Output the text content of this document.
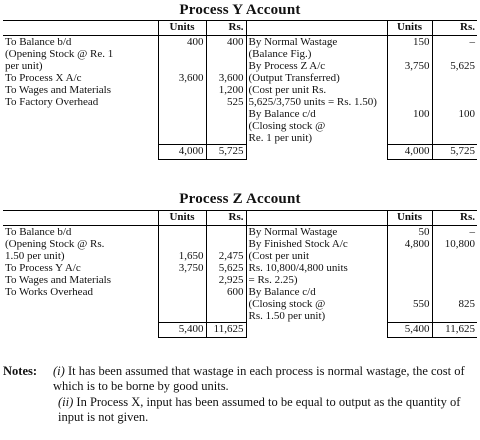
Process Y Account
	Units	Rs.		Units	Rs.
To Balance b/d	400	400	By Normal Wastage	150	–
(Opening Stock @ Re. 1			(Balance Fig.)		
per unit)			By Process Z A/c	3,750	5,625
To Process X A/c	3,600	3,600	(Output Transferred)		
To Wages and Materials		1,200	(Cost per unit Rs.		
To Factory Overhead		525	5,625/3,750 units = Rs. 1.50)		
			By Balance c/d	100	100
			(Closing stock @		
			Re. 1 per unit)		
	4,000	5,725		4,000	5,725
Process Z Account
	Units	Rs.		Units	Rs.
To Balance b/d			By Normal Wastage	50	–
(Opening Stock @ Rs.			By Finished Stock A/c	4,800	10,800
1.50 per unit)	1,650	2,475	(Cost per unit		
To Process Y A/c	3,750	5,625	Rs. 10,800/4,800 units		
To Wages and Materials		2,925	= Rs. 2.25)		
To Works Overhead		600	By Balance c/d		
			(Closing stock @	550	825
			Rs. 1.50 per unit)		
	5,400	11,625		5,400	11,625
Notes: (i) It has been assumed that wastage in each process is normal wastage, the cost of which is to be borne by good units.
(ii) In Process X, input has been assumed to be equal to output as the quantity of input is not given.
